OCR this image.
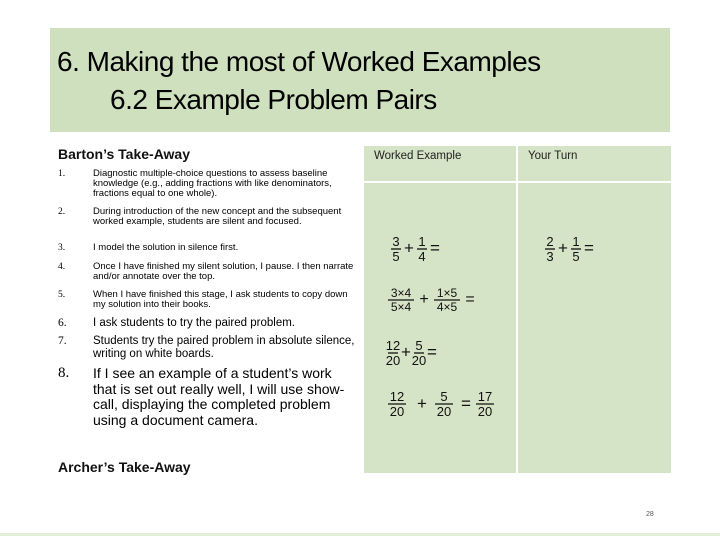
6. Making the most of Worked Examples
6.2 Example Problem Pairs
Barton’s Take-Away
1.	Diagnostic multiple-choice questions to assess baseline knowledge (e.g., adding fractions with like denominators, fractions equal to one whole).
2.	During introduction of the new concept and the subsequent worked example, students are silent and focused.
3.	I model the solution in silence first.
4.	Once I have finished my silent solution, I pause. I then narrate and/or annotate over the top.
5.	When I have finished this stage, I ask students to copy down my solution into their books.
6.	I ask students to try the paired problem.
7.	Students try the paired problem in absolute silence, writing on white boards.
8.	If I see an example of a student’s work that is set out really well, I will use show-call, displaying the completed problem using a document camera.
Archer’s Take-Away
Worked Example	Your Turn
3
5 + 1
4 =
3×4
5×4 + 1×5
4×5 =
12
20 + 5
20 =
12
20 + 5
20 = 17
20
2
3 + 1
5 =
28
